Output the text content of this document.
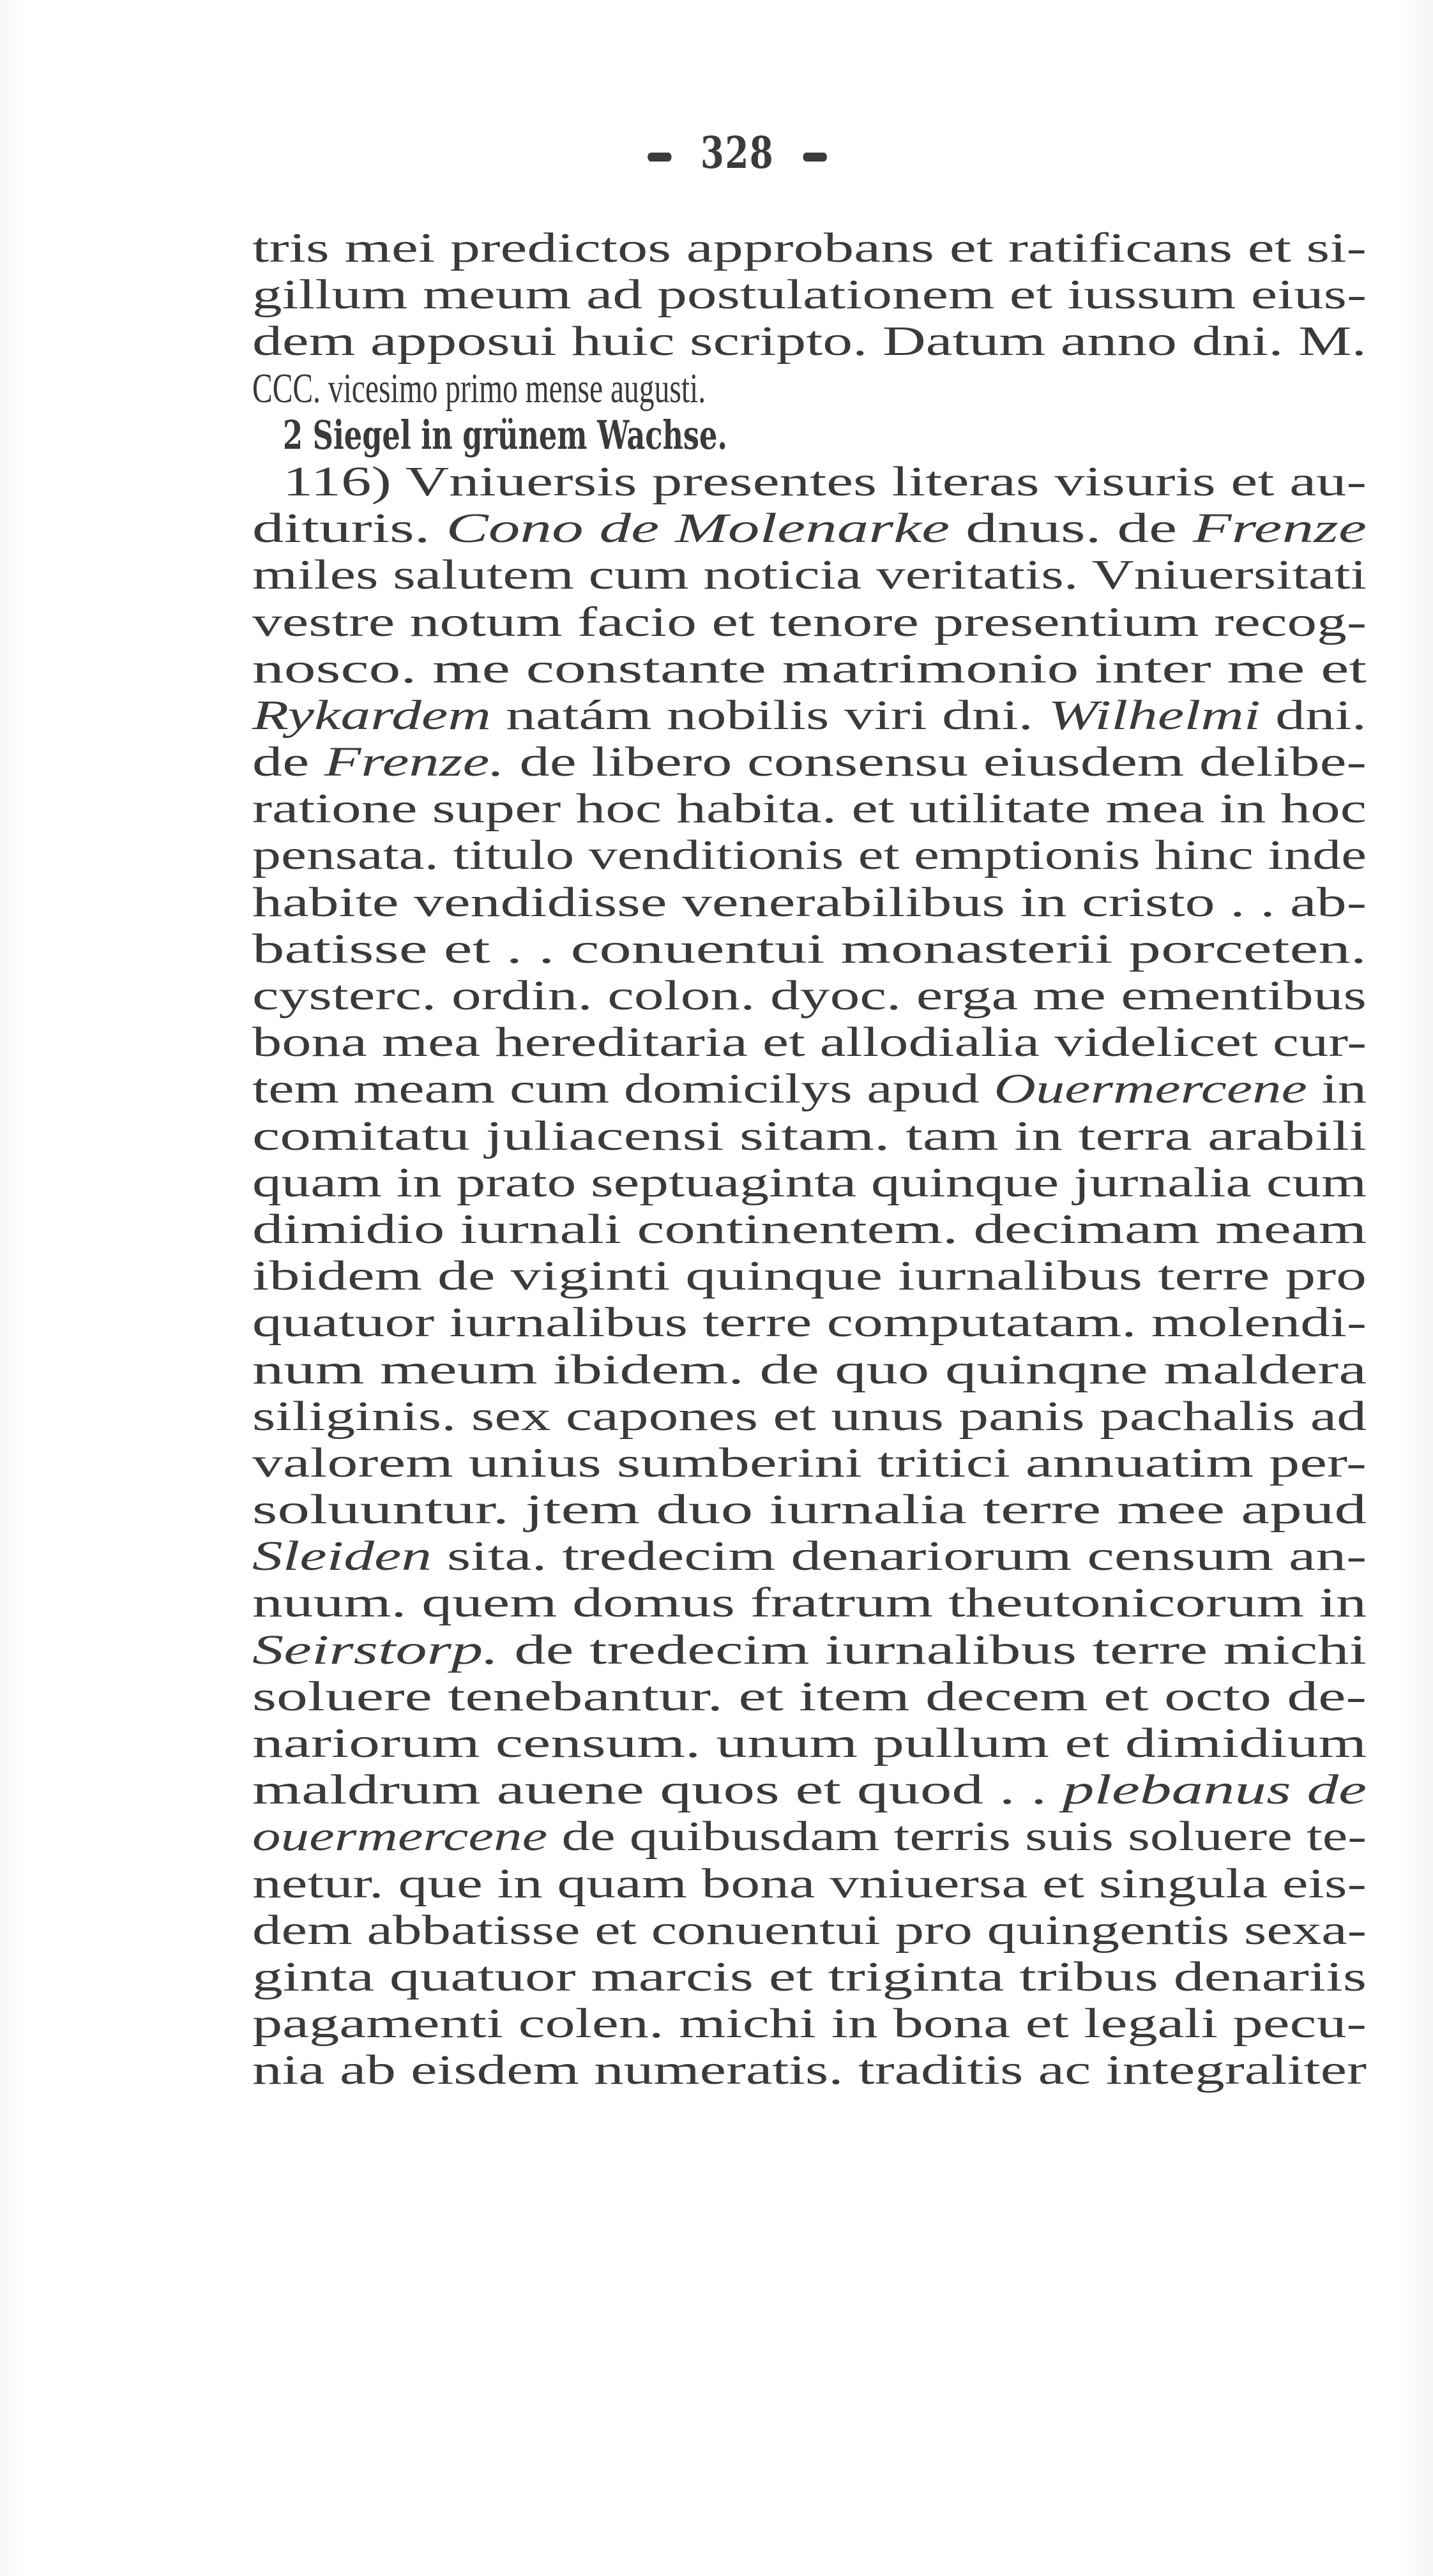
328
tris mei predictos approbans et ratificans et si-
gillum meum ad postulationem et iussum eius-
dem apposui huic scripto. Datum anno dni. M.
CCC. vicesimo primo mense augusti.
2 Siegel in grünem Wachse.
116) Vniuersis presentes literas visuris et au-
dituris. Cono de Molenarke dnus. de Frenze
miles salutem cum noticia veritatis. Vniuersitati
vestre notum facio et tenore presentium recog-
nosco. me constante matrimonio inter me et
Rykardem natám nobilis viri dni. Wilhelmi dni.
de Frenze. de libero consensu eiusdem delibe-
ratione super hoc habita. et utilitate mea in hoc
pensata. titulo venditionis et emptionis hinc inde
habite vendidisse venerabilibus in cristo . . ab-
batisse et . . conuentui monasterii porceten.
cysterc. ordin. colon. dyoc. erga me ementibus
bona mea hereditaria et allodialia videlicet cur-
tem meam cum domicilys apud Ouermercene in
comitatu juliacensi sitam. tam in terra arabili
quam in prato septuaginta quinque jurnalia cum
dimidio iurnali continentem. decimam meam
ibidem de viginti quinque iurnalibus terre pro
quatuor iurnalibus terre computatam. molendi-
num meum ibidem. de quo quinqne maldera
siliginis. sex capones et unus panis pachalis ad
valorem unius sumberini tritici annuatim per-
soluuntur. jtem duo iurnalia terre mee apud
Sleiden sita. tredecim denariorum censum an-
nuum. quem domus fratrum theutonicorum in
Seirstorp. de tredecim iurnalibus terre michi
soluere tenebantur. et item decem et octo de-
nariorum censum. unum pullum et dimidium
maldrum auene quos et quod . . plebanus de
ouermercene de quibusdam terris suis soluere te-
netur. que in quam bona vniuersa et singula eis-
dem abbatisse et conuentui pro quingentis sexa-
ginta quatuor marcis et triginta tribus denariis
pagamenti colen. michi in bona et legali pecu-
nia ab eisdem numeratis. traditis ac integraliter
